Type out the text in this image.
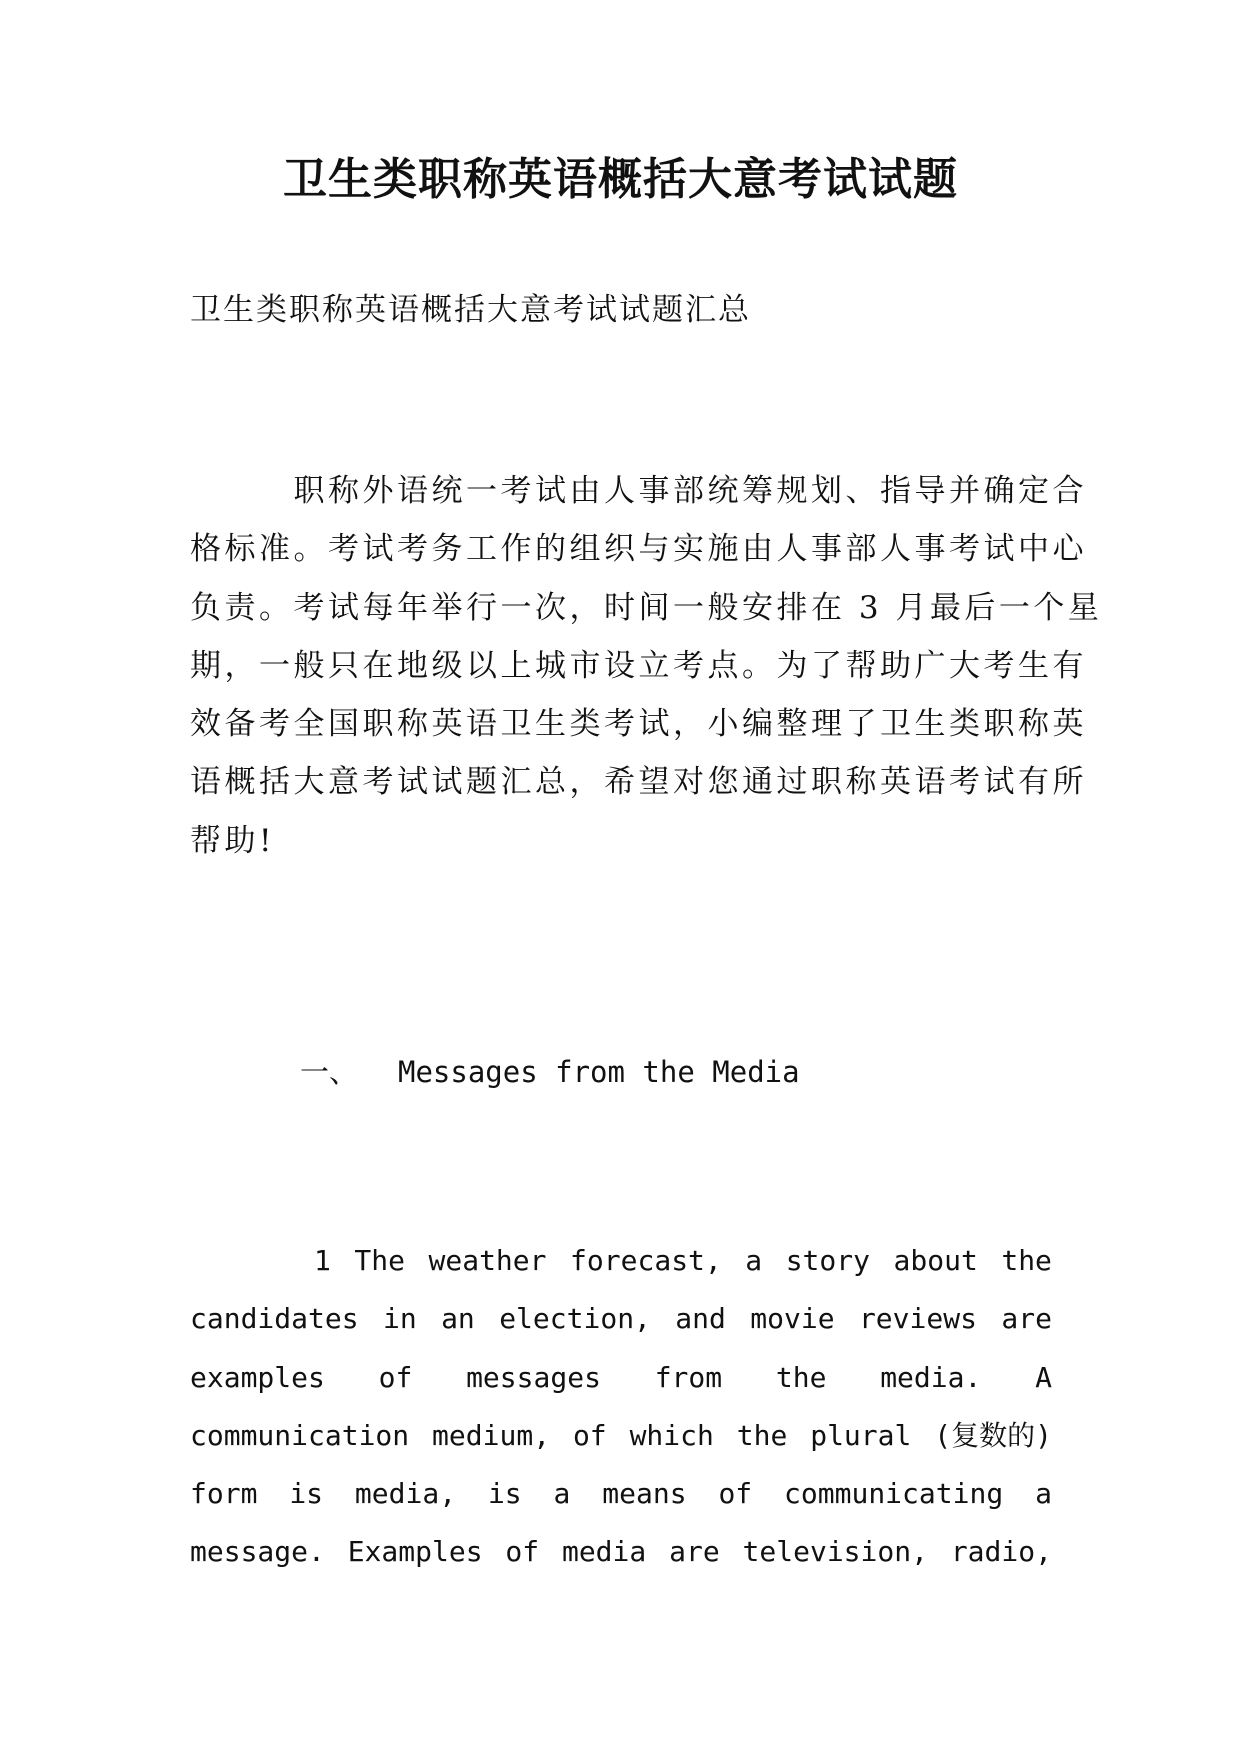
卫生类职称英语概括大意考试试题

卫生类职称英语概括大意考试试题汇总

　　　职称外语统一考试由人事部统筹规划、指导并确定合
格标准。考试考务工作的组织与实施由人事部人事考试中心
负责。考试每年举行一次，时间一般安排在 3 月最后一个星
期，一般只在地级以上城市设立考点。为了帮助广大考生有
效备考全国职称英语卫生类考试，小编整理了卫生类职称英
语概括大意考试试题汇总，希望对您通过职称英语考试有所
帮助!
一、 Messages from the Media
1 The weather forecast, a story about the
candidates in an election, and movie reviews are
examples of messages from the media. A
communication medium, of which the plural (复数的)
form is media, is a means of communicating a
message. Examples of media are television, radio,
